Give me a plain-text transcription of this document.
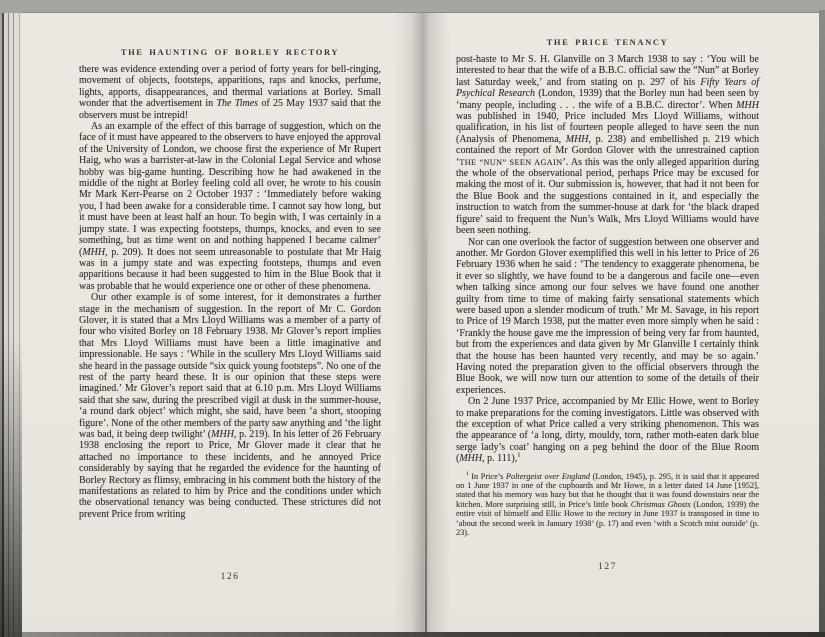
THE HAUNTING OF BORLEY RECTORY

there was evidence extending over a period of forty years for bell-ringing, movement of objects, footsteps, apparitions, raps and knocks, perfume, lights, apports, disappearances, and thermal variations at Borley. Small wonder that the advertisement in The Times of 25 May 1937 said that the observers must be intrepid!

As an example of the effect of this barrage of suggestion, which on the face of it must have appeared to the observers to have enjoyed the approval of the University of London, we choose first the experience of Mr Rupert Haig, who was a barrister-at-law in the Colonial Legal Service and whose hobby was big-game hunting. Describing how he had awakened in the middle of the night at Borley feeling cold all over, he wrote to his cousin Mr Mark Kerr-Pearse on 2 October 1937 : ‘Immediately before waking you, I had been awake for a considerable time. I cannot say how long, but it must have been at least half an hour. To begin with, I was certainly in a jumpy state. I was expecting footsteps, thumps, knocks, and even to see something, but as time went on and nothing happened I became calmer’ (MHH, p. 209). It does not seem unreasonable to postulate that Mr Haig was in a jumpy state and was expecting footsteps, thumps and even apparitions because it had been suggested to him in the Blue Book that it was probable that he would experience one or other of these phenomena.

Our other example is of some interest, for it demonstrates a further stage in the mechanism of suggestion. In the report of Mr C. Gordon Glover, it is stated that a Mrs Lloyd Williams was a member of a party of four who visited Borley on 18 February 1938. Mr Glover’s report implies that Mrs Lloyd Williams must have been a little imaginative and impressionable. He says : ‘While in the scullery Mrs Lloyd Williams said she heard in the passage outside “six quick young footsteps”. No one of the rest of the party heard these. It is our opinion that these steps were imagined.’ Mr Glover’s report said that at 6.10 p.m. Mrs Lloyd Williams said that she saw, during the prescribed vigil at dusk in the summer-house, ‘a round dark object’ which might, she said, have been ‘a short, stooping figure’. None of the other members of the party saw anything and ‘the light was bad, it being deep twilight’ (MHH, p. 219). In his letter of 26 February 1938 enclosing the report to Price, Mr Glover made it clear that he attached no importance to these incidents, and he annoyed Price considerably by saying that he regarded the evidence for the haunting of Borley Rectory as flimsy, embracing in his comment both the history of the manifestations as related to him by Price and the conditions under which the observational tenancy was being conducted. These strictures did not prevent Price from writing

126
THE PRICE TENANCY

post-haste to Mr S. H. Glanville on 3 March 1938 to say : ‘You will be interested to hear that the wife of a B.B.C. official saw the “Nun” at Borley last Saturday week,’ and from stating on p. 297 of his Fifty Years of Psychical Research (London, 1939) that the Borley nun had been seen by ‘many people, including . . . the wife of a B.B.C. director’. When MHH was published in 1940, Price included Mrs Lloyd Williams, without qualification, in his list of fourteen people alleged to have seen the nun (Analysis of Phenomena, MHH, p. 238) and embellished p. 219 which contained the report of Mr Gordon Glover with the unrestrained caption ‘THE “NUN” SEEN AGAIN’. As this was the only alleged apparition during the whole of the observational period, perhaps Price may be excused for making the most of it. Our submission is, however, that had it not been for the Blue Book and the suggestions contained in it, and especially the instruction to watch from the summer-house at dark for ‘the black draped figure’ said to frequent the Nun’s Walk, Mrs Lloyd Williams would have been seen nothing.

Nor can one overlook the factor of suggestion between one observer and another. Mr Gordon Glover exemplified this well in his letter to Price of 26 February 1936 when he said : ‘The tendency to exaggerate phenomena, be it ever so slightly, we have found to be a dangerous and facile one—even when talking since among our four selves we have found one another guilty from time to time of making fairly sensational statements which were based upon a slender modicum of truth.’ Mr M. Savage, in his report to Price of 19 March 1938, put the matter even more simply when he said : ‘Frankly the house gave me the impression of being very far from haunted, but from the experiences and data given by Mr Glanville I certainly think that the house has been haunted very recently, and may be so again.’ Having noted the preparation given to the official observers through the Blue Book, we will now turn our attention to some of the details of their experiences.

On 2 June 1937 Price, accompanied by Mr Ellic Howe, went to Borley to make preparations for the coming investigators. Little was observed with the exception of what Price called a very striking phenomenon. This was the appearance of ‘a long, dirty, mouldy, torn, rather moth-eaten dark blue serge lady’s coat’ hanging on a peg behind the door of the Blue Room (MHH, p. 111),$^1$

$^1$ In Price’s Poltergeist over England (London, 1945), p. 295, it is said that it appeared on 1 June 1937 in one of the cupboards and Mr Howe, in a letter dated 14 June [1952], stated that his memory was hazy but that he thought that it was found downstairs near the kitchen. More surprising still, in Price’s little book Christmas Ghosts (London, 1939) the entire visit of himself and Ellic Howe to the rectory in June 1937 is transposed in time to ‘about the second week in January 1938’ (p. 17) and even ‘with a Scotch mist outside’ (p. 23).

127
